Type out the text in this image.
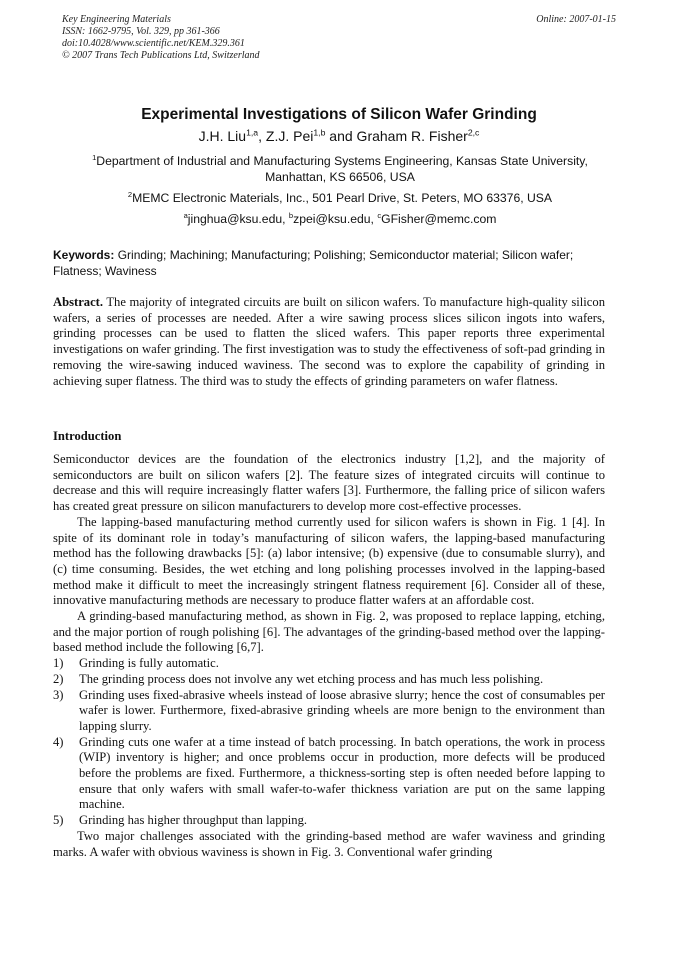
Key Engineering Materials
ISSN: 1662-9795, Vol. 329, pp 361-366
doi:10.4028/www.scientific.net/KEM.329.361
© 2007 Trans Tech Publications Ltd, Switzerland
Online: 2007-01-15
Experimental Investigations of Silicon Wafer Grinding
J.H. Liu$^{1,a}$, Z.J. Pei$^{1,b}$ and Graham R. Fisher$^{2,c}$
$^1$Department of Industrial and Manufacturing Systems Engineering, Kansas State University, Manhattan, KS 66506, USA
$^2$MEMC Electronic Materials, Inc., 501 Pearl Drive, St. Peters, MO 63376, USA
$^a$jinghua@ksu.edu, $^b$zpei@ksu.edu, $^c$GFisher@memc.com
Keywords: Grinding; Machining; Manufacturing; Polishing; Semiconductor material; Silicon wafer; Flatness; Waviness

Abstract. The majority of integrated circuits are built on silicon wafers. To manufacture high-quality silicon wafers, a series of processes are needed. After a wire sawing process slices silicon ingots into wafers, grinding processes can be used to flatten the sliced wafers. This paper reports three experimental investigations on wafer grinding. The first investigation was to study the effectiveness of soft-pad grinding in removing the wire-sawing induced waviness. The second was to explore the capability of grinding in achieving super flatness. The third was to study the effects of grinding parameters on wafer flatness.

Introduction

Semiconductor devices are the foundation of the electronics industry [1,2], and the majority of semiconductors are built on silicon wafers [2]. The feature sizes of integrated circuits will continue to decrease and this will require increasingly flatter wafers [3]. Furthermore, the falling price of silicon wafers has created great pressure on silicon manufacturers to develop more cost-effective processes.

The lapping-based manufacturing method currently used for silicon wafers is shown in Fig. 1 [4]. In spite of its dominant role in today’s manufacturing of silicon wafers, the lapping-based manufacturing method has the following drawbacks [5]: (a) labor intensive; (b) expensive (due to consumable slurry), and (c) time consuming. Besides, the wet etching and long polishing processes involved in the lapping-based method make it difficult to meet the increasingly stringent flatness requirement [6]. Consider all of these, innovative manufacturing methods are necessary to produce flatter wafers at an affordable cost.

A grinding-based manufacturing method, as shown in Fig. 2, was proposed to replace lapping, etching, and the major portion of rough polishing [6]. The advantages of the grinding-based method over the lapping-based method include the following [6,7].

1) Grinding is fully automatic.
2) The grinding process does not involve any wet etching process and has much less polishing.
3) Grinding uses fixed-abrasive wheels instead of loose abrasive slurry; hence the cost of consumables per wafer is lower. Furthermore, fixed-abrasive grinding wheels are more benign to the environment than lapping slurry.
4) Grinding cuts one wafer at a time instead of batch processing. In batch operations, the work in process (WIP) inventory is higher; and once problems occur in production, more defects will be produced before the problems are fixed. Furthermore, a thickness-sorting step is often needed before lapping to ensure that only wafers with small wafer-to-wafer thickness variation are put on the same lapping machine.
5) Grinding has higher throughput than lapping.

Two major challenges associated with the grinding-based method are wafer waviness and grinding marks. A wafer with obvious waviness is shown in Fig. 3. Conventional wafer grinding
